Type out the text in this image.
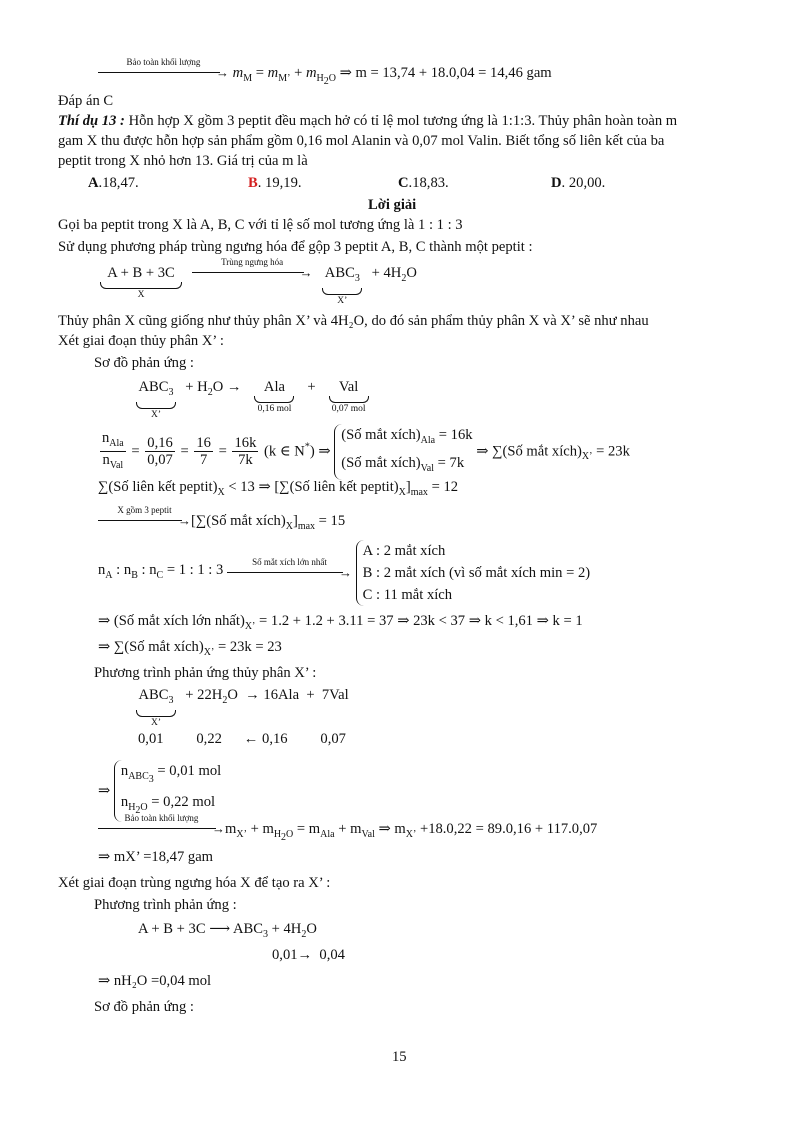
Bảo toàn khối lượng
→ $m_M = m_{M’} + m_{H_2O}$ ⇒ m = 13,74 + 18.0,04 = 14,46 gam
Đáp án C
Thí dụ 13 : Hỗn hợp X gồm 3 peptit đều mạch hở có tỉ lệ mol tương ứng là 1:1:3. Thủy phân hoàn toàn m
gam X thu được hỗn hợp sản phẩm gồm 0,16 mol Alanin và 0,07 mol Valin. Biết tổng số liên kết của ba
peptit trong X nhỏ hơn 13. Giá trị của m là
A.18,47.	B. 19,19.	C.18,83.	D. 20,00.
Lời giải
Gọi ba peptit trong X là A, B, C với tỉ lệ số mol tương ứng là 1 : 1 : 3
Sử dụng phương pháp trùng ngưng hóa để gộp 3 peptit A, B, C thành một peptit :
A + B + 3C
X

Trùng ngưng hóa
→ $ABC_3$
X’
+ $4H_2O$
Thủy phân X cũng giống như thủy phân X’ và 4H₂O, do đó sản phẩm thủy phân X và X’ sẽ như nhau
Xét giai đoạn thủy phân X’ :
Sơ đồ phản ứng :
$ABC_3$
X’
+ $H_2O$ → Ala
0,16 mol
+ Val
0,07 mol
$\frac{n_{Ala}}{n_{Val}} = \frac{0,16}{0,07} = \frac{16}{7} = \frac{16k}{7k} (k$ ∈ N*) ⇒
(Số mắt $xích)_{Ala} = 16k$
(Số mắt $xích)_{Val} = 7k$
⇒ ∑(Số mắt $xích)_{X’} = 23k$
∑(Số liên kết $peptit)_X < 13$ ⇒ [∑(Số liên kết $peptit)_X]_{max} = 12$
X gồm 3 peptit
→[∑(Số mắt $xích)_X]_{max} = 15$
$n_A$ : $n_B$ : $n_C = 1$ : 1 : 3
Số mắt xích lớn nhất
→
A : 2 mắt xích
B : 2 mắt xích (vì số mắt xích min = 2)
C : 11 mắt xích
⇒ (Số mắt xích lớn $nhất)_{X’} = 1.2 + 1.2 + 3.11 = 37$ ⇒ 23k < 37 ⇒ k < 1,61 ⇒ k = 1
⇒ ∑(Số mắt $xích)_{X’} = 23k = 23$
Phương trình phản ứng thủy phân X’ :
$ABC_3$
X’
+ $22H_2O \to 16Ala + 7Val$
0,01         0,22      ← 0,16         0,07
⇒
$n_{ABC_3} = 0,01$ mol
$n_{H_2O} = 0,22$ mol
Bảo toàn khối lượng
$\to m_{X’} + m_{H_2O} = m_{Ala} + m_{Val}$ ⇒ $m_{X’} +18.0,22 = 89.0,16 + 117.0,07$
⇒ mX’ =18,47 gam
Xét giai đoạn trùng ngưng hóa X để tạo ra X’ :
Phương trình phản ứng :
A + B + 3C ⟶ $ABC_3 + 4H_2O$
0,01→  0,04
⇒ nH₂O =0,04 mol
Sơ đồ phản ứng :
15
